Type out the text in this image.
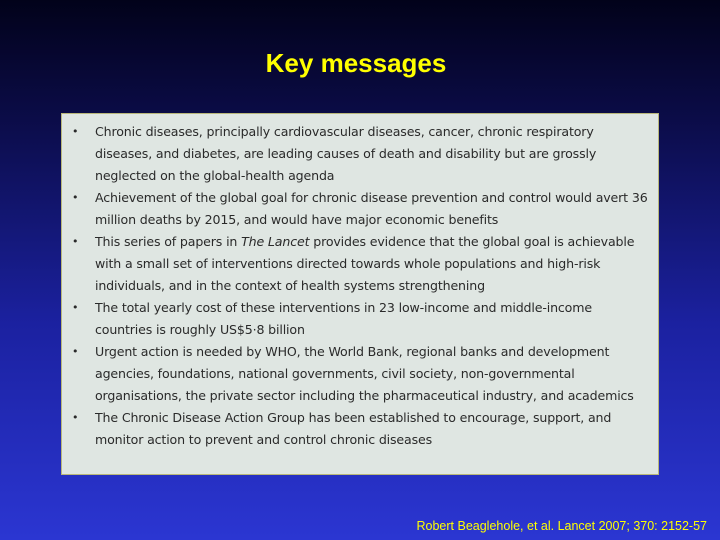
Key messages
• Chronic diseases, principally cardiovascular diseases, cancer, chronic respiratory diseases, and diabetes, are leading causes of death and disability but are grossly neglected on the global-health agenda
• Achievement of the global goal for chronic disease prevention and control would avert 36 million deaths by 2015, and would have major economic benefits
• This series of papers in The Lancet provides evidence that the global goal is achievable with a small set of interventions directed towards whole populations and high-risk individuals, and in the context of health systems strengthening
• The total yearly cost of these interventions in 23 low-income and middle-income countries is roughly US$5·8 billion
• Urgent action is needed by WHO, the World Bank, regional banks and development agencies, foundations, national governments, civil society, non-governmental organisations, the private sector including the pharmaceutical industry, and academics
• The Chronic Disease Action Group has been established to encourage, support, and monitor action to prevent and control chronic diseases
Robert Beaglehole, et al. Lancet 2007; 370: 2152-57
